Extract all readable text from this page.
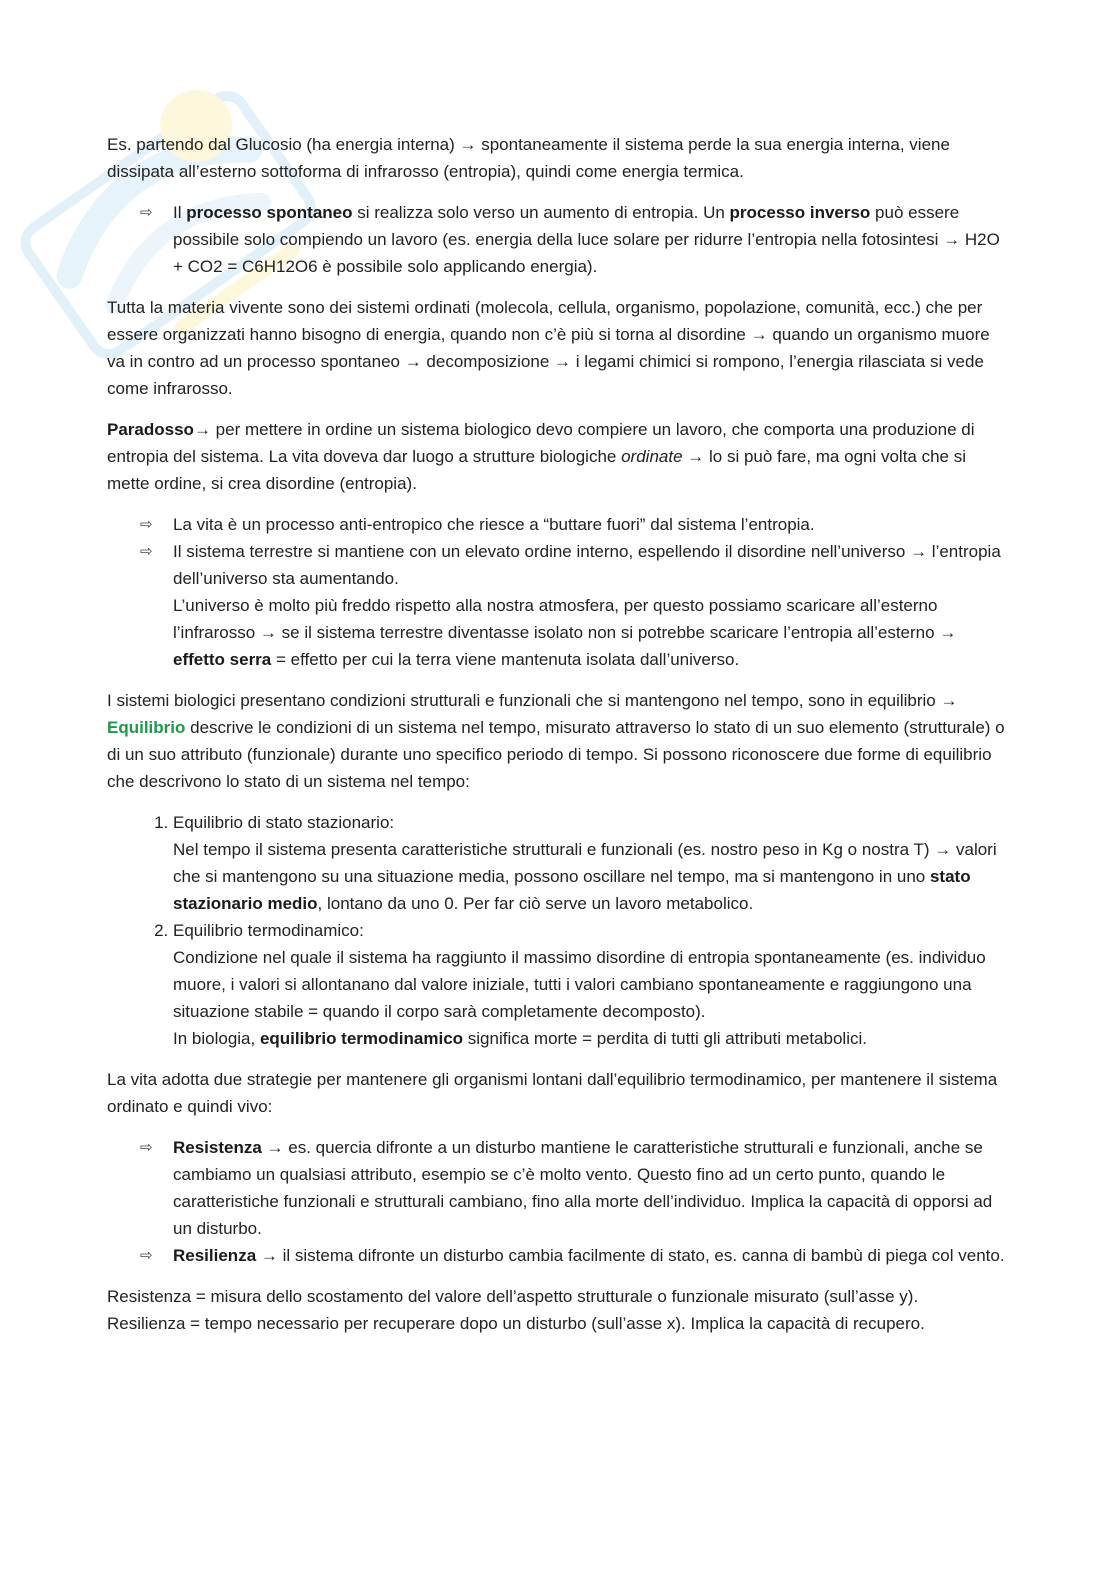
Es. partendo dal Glucosio (ha energia interna) → spontaneamente il sistema perde la sua energia interna, viene dissipata all’esterno sottoforma di infrarosso (entropia), quindi come energia termica.

⇨ Il processo spontaneo si realizza solo verso un aumento di entropia. Un processo inverso può essere possibile solo compiendo un lavoro (es. energia della luce solare per ridurre l’entropia nella fotosintesi → H2O + CO2 = C6H12O6 è possibile solo applicando energia).

Tutta la materia vivente sono dei sistemi ordinati (molecola, cellula, organismo, popolazione, comunità, ecc.) che per essere organizzati hanno bisogno di energia, quando non c’è più si torna al disordine → quando un organismo muore va in contro ad un processo spontaneo → decomposizione → i legami chimici si rompono, l’energia rilasciata si vede come infrarosso.

Paradosso→ per mettere in ordine un sistema biologico devo compiere un lavoro, che comporta una produzione di entropia del sistema. La vita doveva dar luogo a strutture biologiche ordinate → lo si può fare, ma ogni volta che si mette ordine, si crea disordine (entropia).

⇨ La vita è un processo anti-entropico che riesce a “buttare fuori” dal sistema l’entropia.
⇨ Il sistema terrestre si mantiene con un elevato ordine interno, espellendo il disordine nell’universo → l’entropia dell’universo sta aumentando.
L’universo è molto più freddo rispetto alla nostra atmosfera, per questo possiamo scaricare all’esterno l’infrarosso → se il sistema terrestre diventasse isolato non si potrebbe scaricare l’entropia all’esterno → effetto serra = effetto per cui la terra viene mantenuta isolata dall’universo.

I sistemi biologici presentano condizioni strutturali e funzionali che si mantengono nel tempo, sono in equilibrio → Equilibrio descrive le condizioni di un sistema nel tempo, misurato attraverso lo stato di un suo elemento (strutturale) o di un suo attributo (funzionale) durante uno specifico periodo di tempo. Si possono riconoscere due forme di equilibrio che descrivono lo stato di un sistema nel tempo:

1. Equilibrio di stato stazionario:
Nel tempo il sistema presenta caratteristiche strutturali e funzionali (es. nostro peso in Kg o nostra T) → valori che si mantengono su una situazione media, possono oscillare nel tempo, ma si mantengono in uno stato stazionario medio, lontano da uno 0. Per far ciò serve un lavoro metabolico.
2. Equilibrio termodinamico:
Condizione nel quale il sistema ha raggiunto il massimo disordine di entropia spontaneamente (es. individuo muore, i valori si allontanano dal valore iniziale, tutti i valori cambiano spontaneamente e raggiungono una situazione stabile = quando il corpo sarà completamente decomposto).
In biologia, equilibrio termodinamico significa morte = perdita di tutti gli attributi metabolici.

La vita adotta due strategie per mantenere gli organismi lontani dall’equilibrio termodinamico, per mantenere il sistema ordinato e quindi vivo:

⇨ Resistenza → es. quercia difronte a un disturbo mantiene le caratteristiche strutturali e funzionali, anche se cambiamo un qualsiasi attributo, esempio se c’è molto vento. Questo fino ad un certo punto, quando le caratteristiche funzionali e strutturali cambiano, fino alla morte dell’individuo. Implica la capacità di opporsi ad un disturbo.
⇨ Resilienza → il sistema difronte un disturbo cambia facilmente di stato, es. canna di bambù di piega col vento.

Resistenza = misura dello scostamento del valore dell’aspetto strutturale o funzionale misurato (sull’asse y).

Resilienza = tempo necessario per recuperare dopo un disturbo (sull’asse x). Implica la capacità di recupero.
